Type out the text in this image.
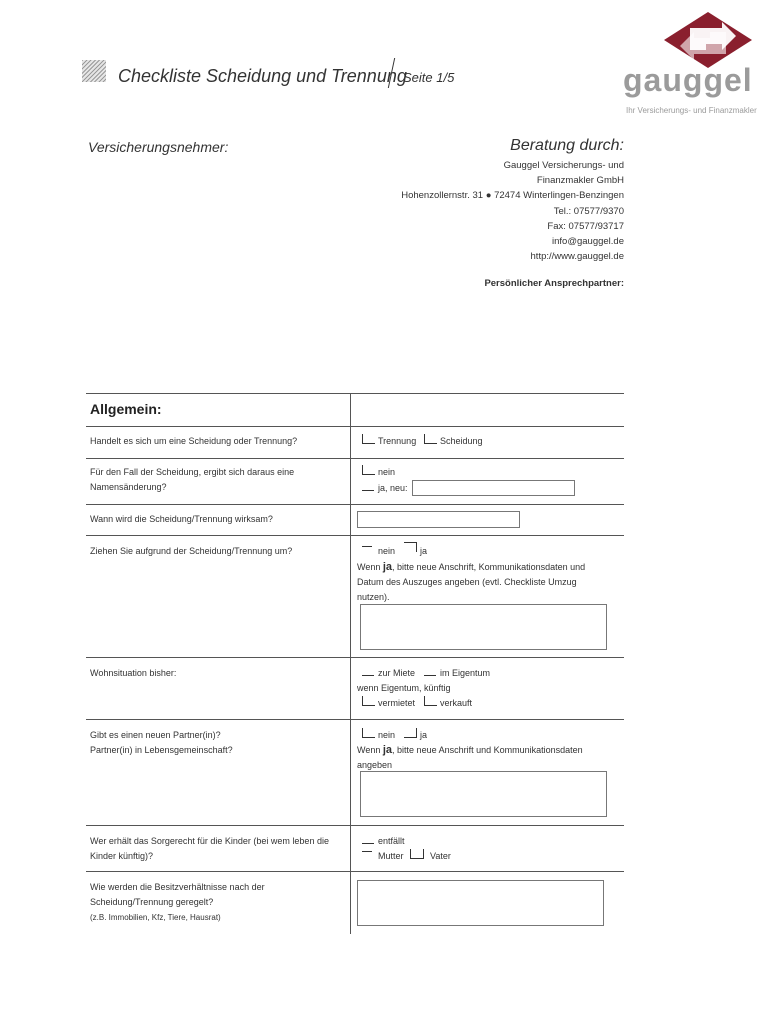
Checkliste Scheidung und Trennung
Seite 1/5	gauggel
Ihr Versicherungs- und Finanzmakler
Versicherungsnehmer:	Beratung durch:
Gauggel Versicherungs- und
Finanzmakler GmbH
Hohenzollernstr. 31 ● 72474 Winterlingen-Benzingen
Tel.: 07577/9370
Fax: 07577/93717
info@gauggel.de
http://www.gauggel.de
Persönlicher Ansprechpartner:
Allgemein:
Handelt es sich um eine Scheidung oder Trennung?	Trennung	Scheidung
Für den Fall der Scheidung, ergibt sich daraus eine
Namensänderung?
nein
ja, neu:
Wann wird die Scheidung/Trennung wirksam?
Ziehen Sie aufgrund der Scheidung/Trennung um?	nein	ja
Wenn ja, bitte neue Anschrift, Kommunikationsdaten und
Datum des Auszuges angeben (evtl. Checkliste Umzug
nutzen).
Wohnsituation bisher:	zur Miete	im Eigentum
wenn Eigentum, künftig
vermietet	verkauft
Gibt es einen neuen Partner(in)?
Partner(in) in Lebensgemeinschaft?
nein	ja
Wenn ja, bitte neue Anschrift und Kommunikationsdaten
angeben
Wer erhält das Sorgerecht für die Kinder (bei wem leben die
Kinder künftig)?
entfällt
Mutter	Vater
Wie werden die Besitzverhältnisse nach der
Scheidung/Trennung geregelt?
(z.B. Immobilien, Kfz, Tiere, Hausrat)
